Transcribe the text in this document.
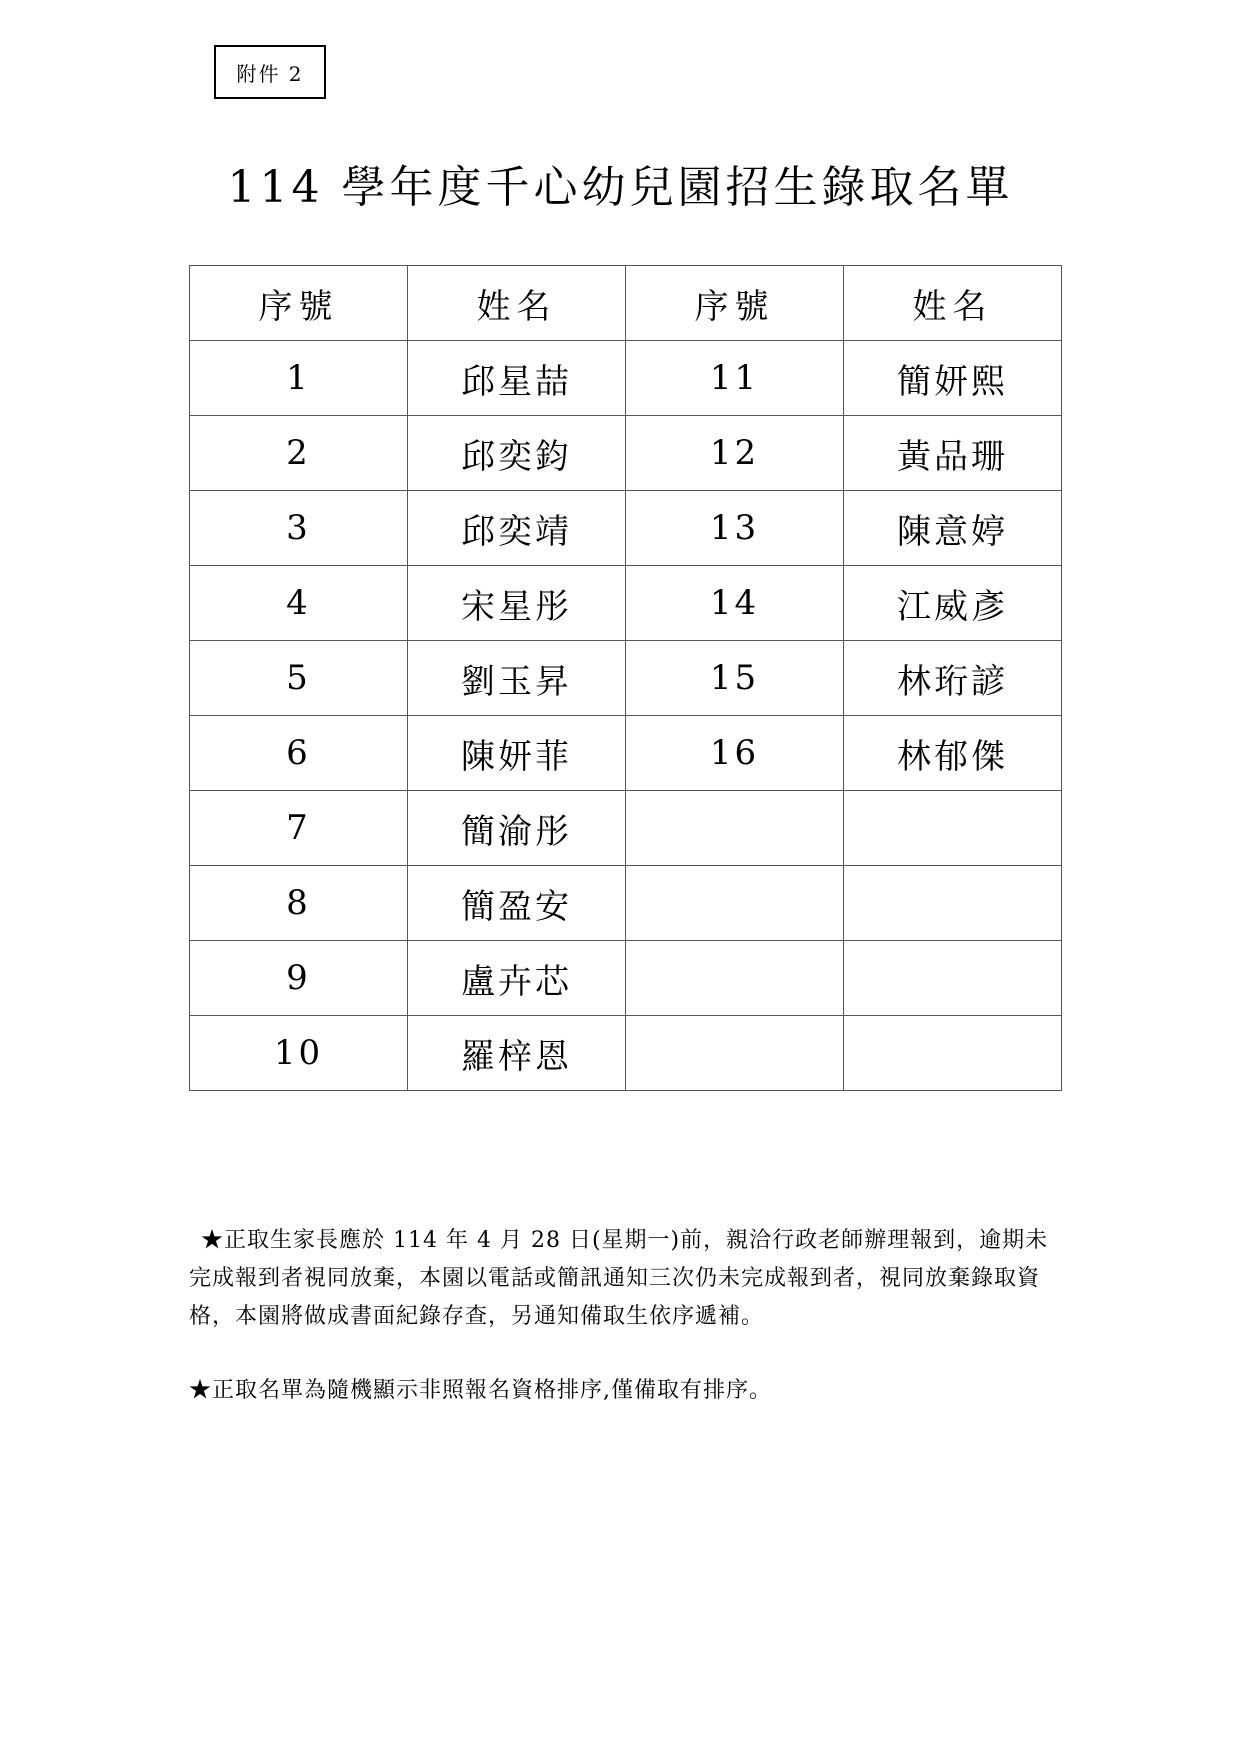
附件 2
114 學年度千心幼兒園招生錄取名單
序號	姓名	序號	姓名
1	邱星喆	11	簡妍熙
2	邱奕鈞	12	黃品珊
3	邱奕靖	13	陳意婷
4	宋星彤	14	江威彥
5	劉玉昇	15	林珩諺
6	陳妍菲	16	林郁傑
7	簡渝彤		
8	簡盈安		
9	盧卉芯		
10	羅梓恩		

★正取生家長應於 114 年 4 月 28 日(星期一)前，親洽行政老師辦理報到，逾期未完成報到者視同放棄，本園以電話或簡訊通知三次仍未完成報到者，視同放棄錄取資格，本園將做成書面紀錄存查，另通知備取生依序遞補。

★正取名單為隨機顯示非照報名資格排序,僅備取有排序。
